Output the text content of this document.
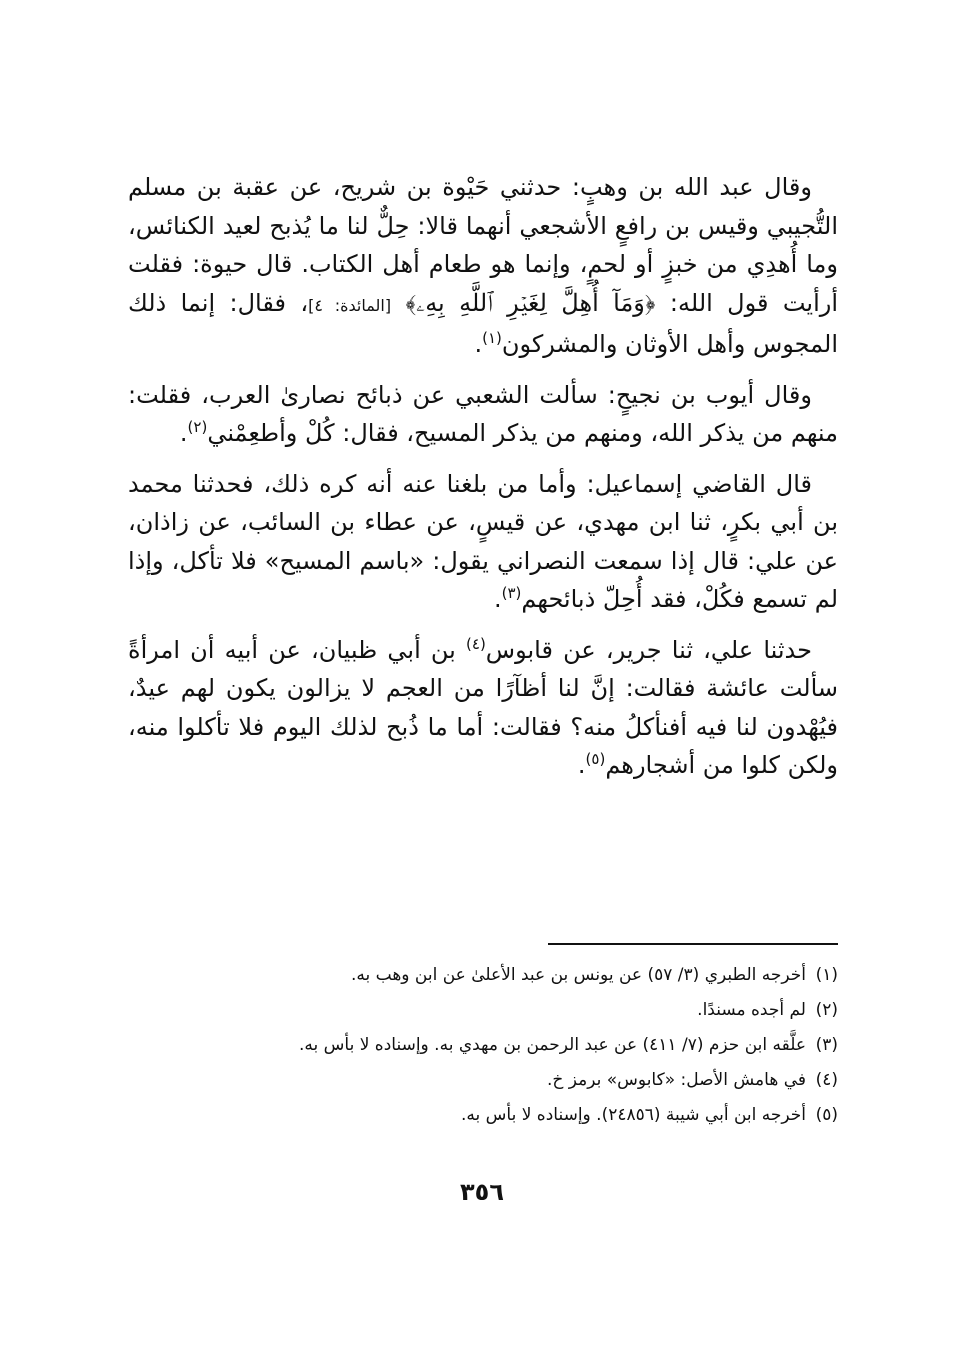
وقال عبد الله بن وهبٍ: حدثني حَيْوة بن شريح، عن عقبة بن مسلم التُّجيبي وقيس بن رافعٍ الأشجعي أنهما قالا: حِلٌّ لنا ما يُذبح لعيد الكنائس، وما أُهدِي من خبزٍ أو لحمٍ، وإنما هو طعام أهل الكتاب. قال حيوة: فقلت أرأيت قول الله: ﴿وَمَآ أُهِلَّ لِغَيۡرِ ٱللَّهِ بِهِۦ﴾ [المائدة: ٤]، فقال: إنما ذلك المجوس وأهل الأوثان والمشركون$^{(١)}$.

وقال أيوب بن نجيحٍ: سألت الشعبي عن ذبائح نصارىٰ العرب، فقلت: منهم من يذكر الله، ومنهم من يذكر المسيح، فقال: كُلْ وأطعِمْني$^{(٢)}$.

قال القاضي إسماعيل: وأما من بلغنا عنه أنه كره ذلك، فحدثنا محمد بن أبي بكرٍ، ثنا ابن مهدي، عن قيسٍ، عن عطاء بن السائب، عن زاذان، عن علي: قال إذا سمعت النصراني يقول: «باسم المسيح» فلا تأكل، وإذا لم تسمع فكُلْ، فقد أُحِلّ ذبائحهم$^{(٣)}$.

حدثنا علي، ثنا جرير، عن قابوس$^{(٤)}$ بن أبي ظبيان، عن أبيه أن امرأةً سألت عائشة فقالت: إنَّ لنا أظآرًا من العجم لا يزالون يكون لهم عيدٌ، فيُهْدون لنا فيه أفنأكلُ منه؟ فقالت: أما ما ذُبح لذلك اليوم فلا تأكلوا منه، ولكن كلوا من أشجارهم$^{(٥)}$.

(١)أخرجه الطبري (٣/ ٥٧) عن يونس بن عبد الأعلىٰ عن ابن وهب به.
(٢)لم أجده مسندًا.
(٣)علَّقه ابن حزم (٧/ ٤١١) عن عبد الرحمن بن مهدي به. وإسناده لا بأس به.
(٤)في هامش الأصل: «كابوس» برمز خ.
(٥)أخرجه ابن أبي شيبة (٢٤٨٥٦). وإسناده لا بأس به.
٣٥٦
